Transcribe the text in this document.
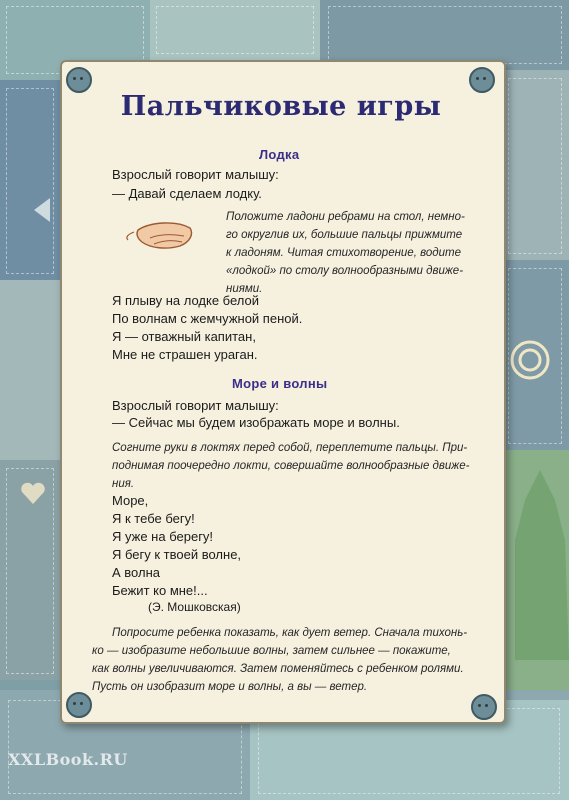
Пальчиковые игры
Лодка
Взрослый говорит малышу:
— Давай сделаем лодку.
Положите ладони ребрами на стол, немно-
го округлив их, большие пальцы прижмите
к ладоням. Читая стихотворение, водите
«лодкой» по столу волнообразными движе-
ниями.
Я плыву на лодке белой
По волнам с жемчужной пеной.
Я — отважный капитан,
Мне не страшен ураган.
Море и волны
Взрослый говорит малышу:
— Сейчас мы будем изображать море и волны.
Согните руки в локтях перед собой, переплетите пальцы. При-
поднимая поочередно локти, совершайте волнообразные движе-
ния.
Море,
Я к тебе бегу!
Я уже на берегу!
Я бегу к твоей волне,
А волна
Бежит ко мне!...
(Э. Мошковская)
Попросите ребенка показать, как дует ветер. Сначала тихонь-
ко — изобразите небольшие волны, затем сильнее — покажите,
как волны увеличиваются. Затем поменяйтесь с ребенком ролями.
Пусть он изобразит море и волны, а вы — ветер.
XXLBook.RU
